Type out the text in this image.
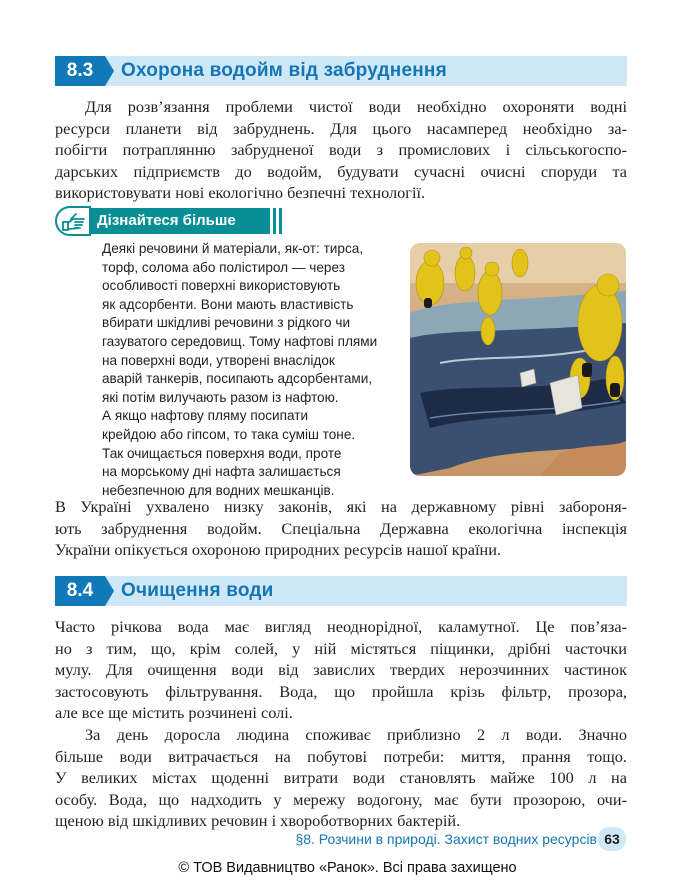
8.3	Охорона водойм від забруднення
Для розв’язання проблеми чистої води необхідно охороняти водні
ресурси планети від забруднень. Для цього насамперед необхідно за-
побігти потраплянню забрудненої води з промислових і сільськогоспо-
дарських підприємств до водойм, будувати сучасні очисні споруди та
використовувати нові екологічно безпечні технології.
Дізнайтеся більше
Деякі речовини й матеріали, як-от: тирса,
торф, солома або полістирол — через
особливості поверхні використовують
як адсорбенти. Вони мають властивість
вбирати шкідливі речовини з рідкого чи
газуватого середовищ. Тому нафтові плями
на поверхні води, утворені внаслідок
аварій танкерів, посипають адсорбентами,
які потім вилучають разом із нафтою.
А якщо нафтову пляму посипати
крейдою або гіпсом, то така суміш тоне.
Так очищається поверхня води, проте
на морському дні нафта залишається
небезпечною для водних мешканців.
В Україні ухвалено низку законів, які на державному рівні забороня-
ють забруднення водойм. Спеціальна Державна екологічна інспекція
України опікується охороною природних ресурсів нашої країни.
8.4	Очищення води
Часто річкова вода має вигляд неоднорідної, каламутної. Це пов’яза-
но з тим, що, крім солей, у ній містяться піщинки, дрібні часточки
мулу. Для очищення води від завислих твердих нерозчинних частинок
застосовують фільтрування. Вода, що пройшла крізь фільтр, прозора,
але все ще містить розчинені солі.
За день доросла людина споживає приблизно 2 л води. Значно
більше води витрачається на побутові потреби: миття, прання тощо.
У великих містах щоденні витрати води становлять майже 100 л на
особу. Вода, що надходить у мережу водогону, має бути прозорою, очи-
щеною від шкідливих речовин і хвороботворних бактерій.
§8. Розчини в природі. Захист водних ресурсів 63
© ТОВ Видавництво «Ранок». Всі права захищено
